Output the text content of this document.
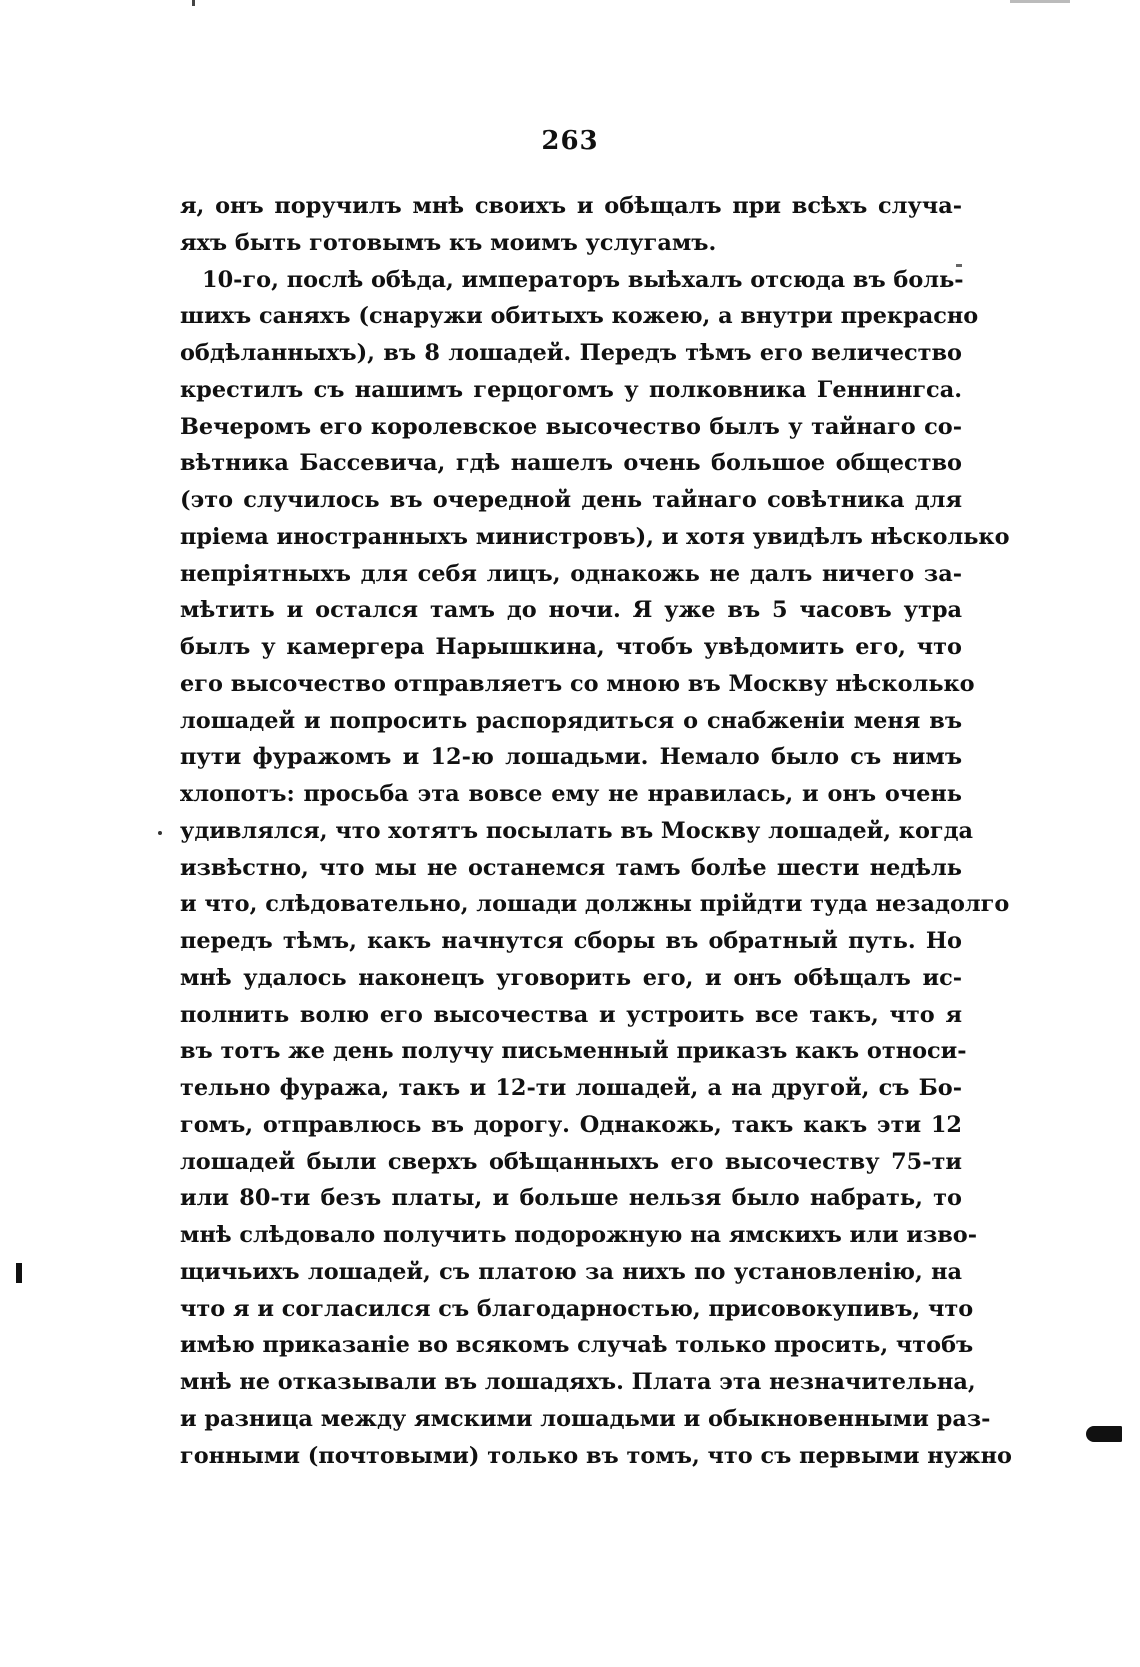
263
я, онъ поручилъ мнѣ своихъ и обѣщалъ при всѣхъ случа-
яхъ быть готовымъ къ моимъ услугамъ.
10-го, послѣ обѣда, императоръ выѣхалъ отсюда въ боль-
шихъ саняхъ (снаружи обитыхъ кожею, а внутри прекрасно
обдѣланныхъ), въ 8 лошадей. Передъ тѣмъ его величество
крестилъ съ нашимъ герцогомъ у полковника Геннингса.
Вечеромъ его королевское высочество былъ у тайнаго со-
вѣтника Бассевича, гдѣ нашелъ очень большое общество
(это случилось въ очередной день тайнаго совѣтника для
пріема иностранныхъ министровъ), и хотя увидѣлъ нѣсколько
непріятныхъ для себя лицъ, однакожь не далъ ничего за-
мѣтить и остался тамъ до ночи. Я уже въ 5 часовъ утра
былъ у камергера Нарышкина, чтобъ увѣдомить его, что
его высочество отправляетъ со мною въ Москву нѣсколько
лошадей и попросить распорядиться о снабженіи меня въ
пути фуражомъ и 12-ю лошадьми. Немало было съ нимъ
хлопотъ: просьба эта вовсе ему не нравилась, и онъ очень
удивлялся, что хотятъ посылать въ Москву лошадей, когда
извѣстно, что мы не останемся тамъ болѣе шести недѣль
и что, слѣдовательно, лошади должны прійдти туда незадолго
передъ тѣмъ, какъ начнутся сборы въ обратный путь. Но
мнѣ удалось наконецъ уговорить его, и онъ обѣщалъ ис-
полнить волю его высочества и устроить все такъ, что я
въ тотъ же день получу письменный приказъ какъ относи-
тельно фуража, такъ и 12-ти лошадей, а на другой, съ Бо-
гомъ, отправлюсь въ дорогу. Однакожь, такъ какъ эти 12
лошадей были сверхъ обѣщанныхъ его высочеству 75-ти
или 80-ти безъ платы, и больше нельзя было набрать, то
мнѣ слѣдовало получить подорожную на ямскихъ или изво-
щичьихъ лошадей, съ платою за нихъ по установленію, на
что я и согласился съ благодарностью, присовокупивъ, что
имѣю приказаніе во всякомъ случаѣ только просить, чтобъ
мнѣ не отказывали въ лошадяхъ. Плата эта незначительна,
и разница между ямскими лошадьми и обыкновенными раз-
гонными (почтовыми) только въ томъ, что съ первыми нужно
